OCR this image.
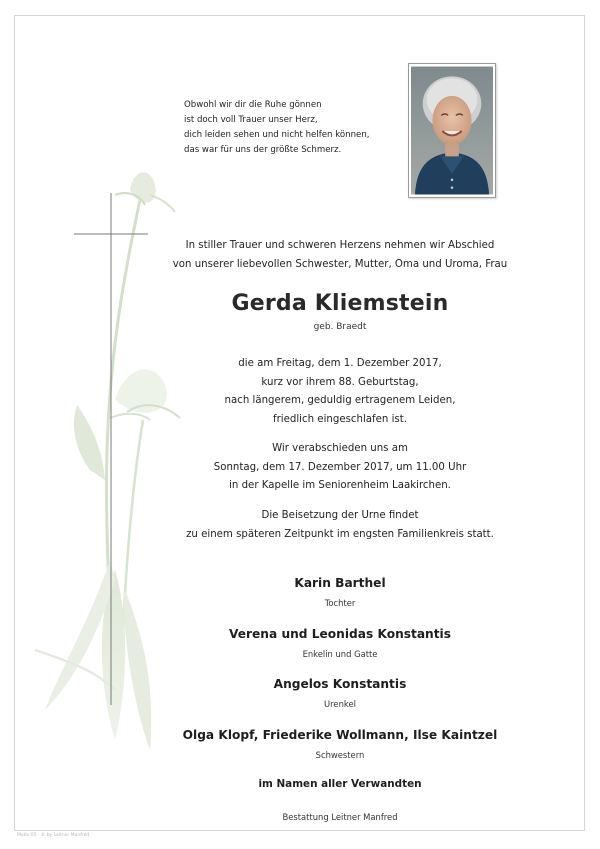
Obwohl wir dir die Ruhe gönnen
ist doch voll Trauer unser Herz,
dich leiden sehen und nicht helfen können,
das war für uns der größte Schmerz.
In stiller Trauer und schweren Herzens nehmen wir Abschied
von unserer liebevollen Schwester, Mutter, Oma und Uroma, Frau
Gerda Kliemstein
geb. Braedt
die am Freitag, dem 1. Dezember 2017,
kurz vor ihrem 88. Geburtstag,
nach längerem, geduldig ertragenem Leiden,
friedlich eingeschlafen ist.
Wir verabschieden uns am
Sonntag, dem 17. Dezember 2017, um 11.00 Uhr
in der Kapelle im Seniorenheim Laakirchen.
Die Beisetzung der Urne findet
zu einem späteren Zeitpunkt im engsten Familienkreis statt.
Karin Barthel
Tochter
Verena und Leonidas Konstantis
Enkelin und Gatte
Angelos Konstantis
Urenkel
Olga Klopf, Friederike Wollmann, Ilse Kaintzel
Schwestern
im Namen aller Verwandten
Bestattung Leitner Manfred
Motiv 05 · © by Leitner Manfred
